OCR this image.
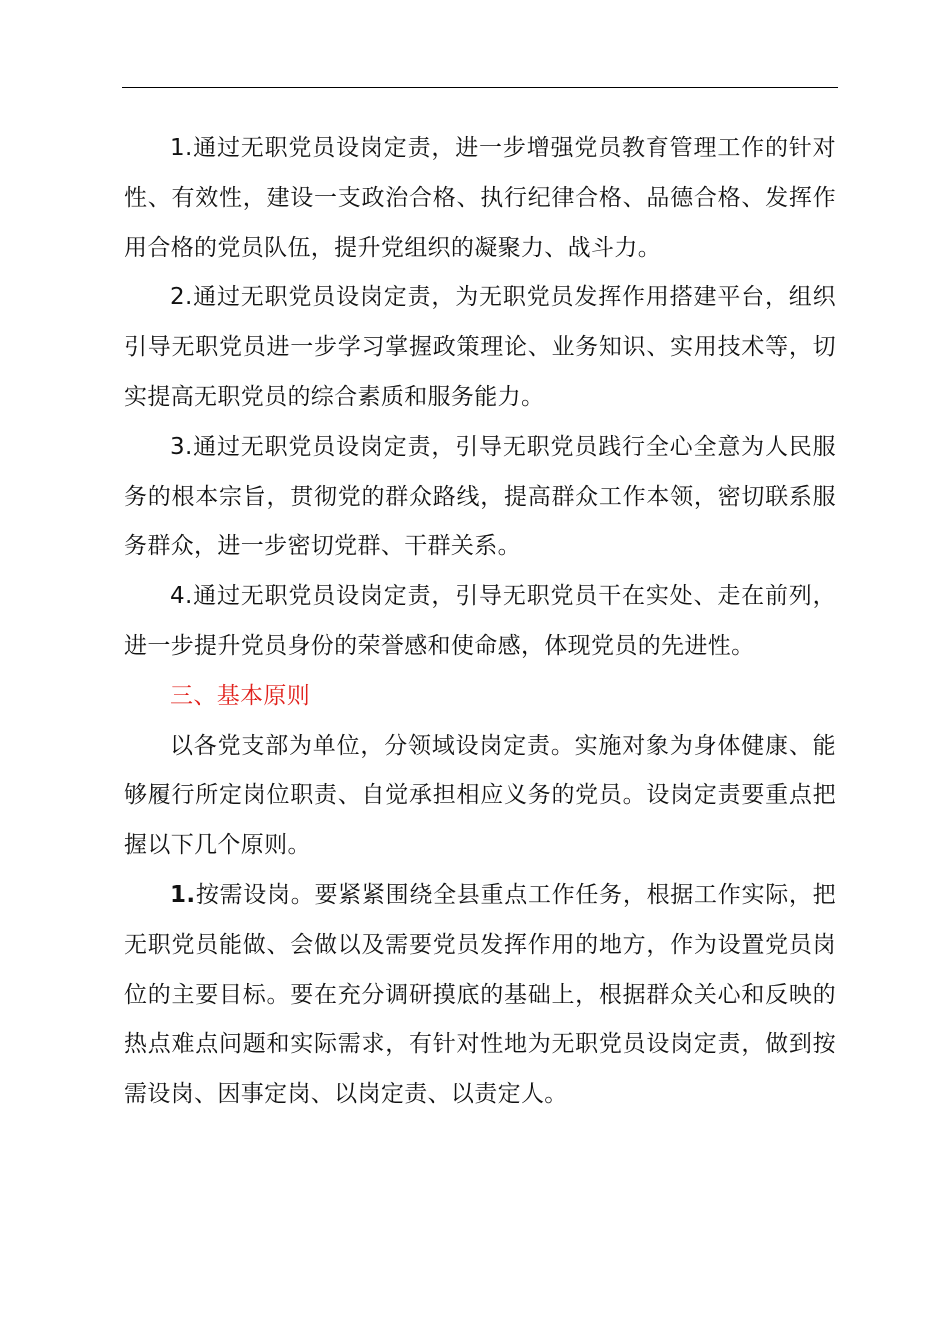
1.通过无职党员设岗定责，进一步增强党员教育管理工作的针对性、有效性，建设一支政治合格、执行纪律合格、品德合格、发挥作用合格的党员队伍，提升党组织的凝聚力、战斗力。

2.通过无职党员设岗定责，为无职党员发挥作用搭建平台，组织引导无职党员进一步学习掌握政策理论、业务知识、实用技术等，切实提高无职党员的综合素质和服务能力。

3.通过无职党员设岗定责，引导无职党员践行全心全意为人民服务的根本宗旨，贯彻党的群众路线，提高群众工作本领，密切联系服务群众，进一步密切党群、干群关系。

4.通过无职党员设岗定责，引导无职党员干在实处、走在前列，进一步提升党员身份的荣誉感和使命感，体现党员的先进性。

三、基本原则

以各党支部为单位，分领域设岗定责。实施对象为身体健康、能够履行所定岗位职责、自觉承担相应义务的党员。设岗定责要重点把握以下几个原则。

1.按需设岗。要紧紧围绕全县重点工作任务，根据工作实际，把无职党员能做、会做以及需要党员发挥作用的地方，作为设置党员岗位的主要目标。要在充分调研摸底的基础上，根据群众关心和反映的热点难点问题和实际需求，有针对性地为无职党员设岗定责，做到按需设岗、因事定岗、以岗定责、以责定人。
